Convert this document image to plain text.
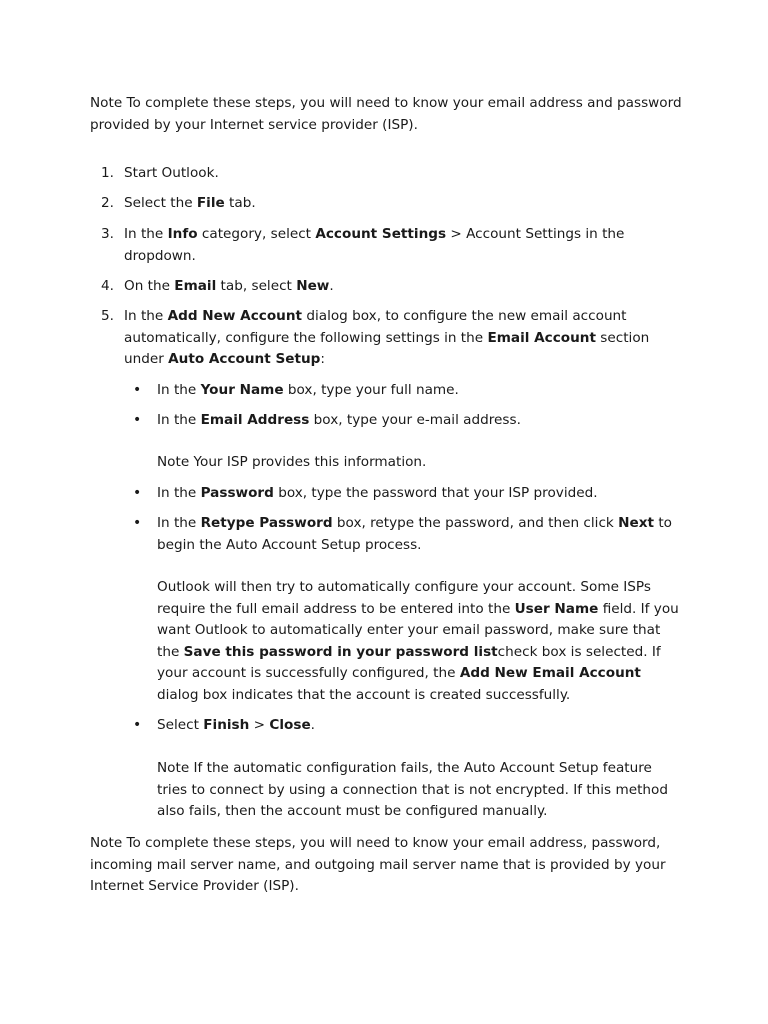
Note To complete these steps, you will need to know your email address and password provided by your Internet service provider (ISP).

1. Start Outlook.

2. Select the File tab.

3. In the Info category, select Account Settings > Account Settings in the dropdown.

4. On the Email tab, select New.

5. In the Add New Account dialog box, to configure the new email account automatically, configure the following settings in the Email Account section under Auto Account Setup:

• In the Your Name box, type your full name.

• In the Email Address box, type your e-mail address.

Note Your ISP provides this information.

• In the Password box, type the password that your ISP provided.

• In the Retype Password box, retype the password, and then click Next to begin the Auto Account Setup process.

Outlook will then try to automatically configure your account. Some ISPs require the full email address to be entered into the User Name field. If you want Outlook to automatically enter your email password, make sure that the Save this password in your password listcheck box is selected. If your account is successfully configured, the Add New Email Account dialog box indicates that the account is created successfully.

• Select Finish > Close.

Note If the automatic configuration fails, the Auto Account Setup feature tries to connect by using a connection that is not encrypted. If this method also fails, then the account must be configured manually.

Note To complete these steps, you will need to know your email address, password, incoming mail server name, and outgoing mail server name that is provided by your Internet Service Provider (ISP).
